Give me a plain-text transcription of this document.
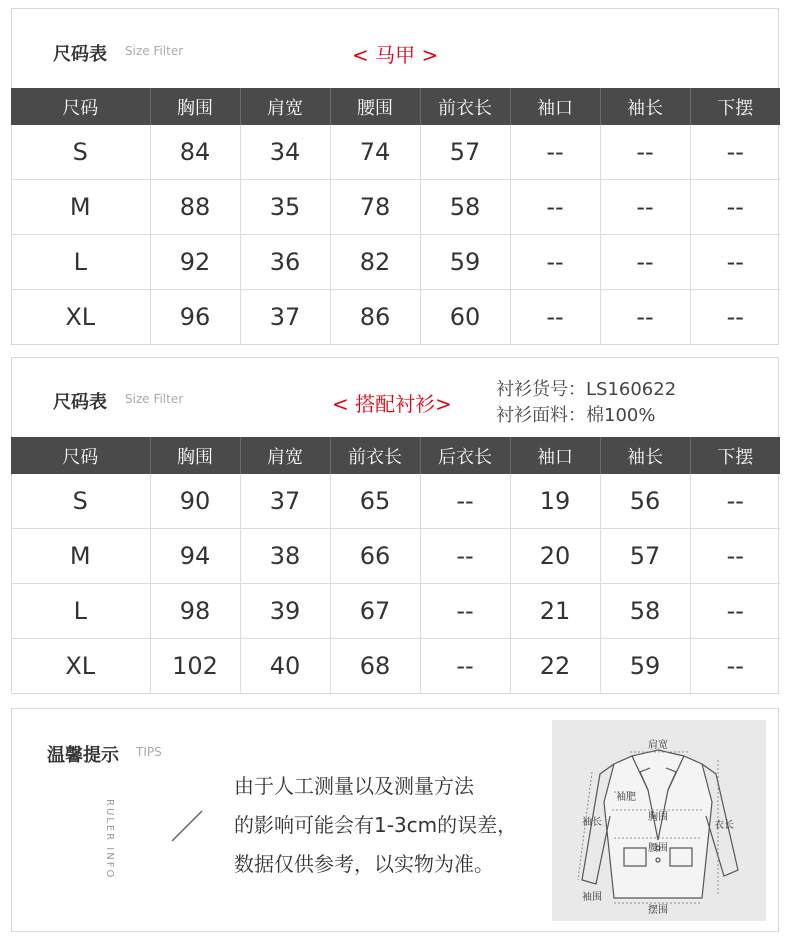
尺码表 Size Filter	< 马甲 >
尺码	胸围	肩宽	腰围	前衣长	袖口	袖长	下摆
S	84	34	74	57	--	--	--
M	88	35	78	58	--	--	--
L	92	36	82	59	--	--	--
XL	96	37	86	60	--	--	--
尺码表 Size Filter	< 搭配衬衫>
衬衫货号：LS160622
衬衫面料：棉100%
尺码	胸围	肩宽	前衣长	后衣长	袖口	袖长	下摆
S	90	37	65	--	19	56	--
M	94	38	66	--	20	57	--
L	98	39	67	--	21	58	--
XL	102	40	68	--	22	59	--
温馨提示 TIPS
RULER INFO
由于人工测量以及测量方法
的影响可能会有1-3cm的误差，
数据仅供参考，以实物为准。
肩宽
袖肥
胸围
袖长	衣长
腰围
袖围
摆围
